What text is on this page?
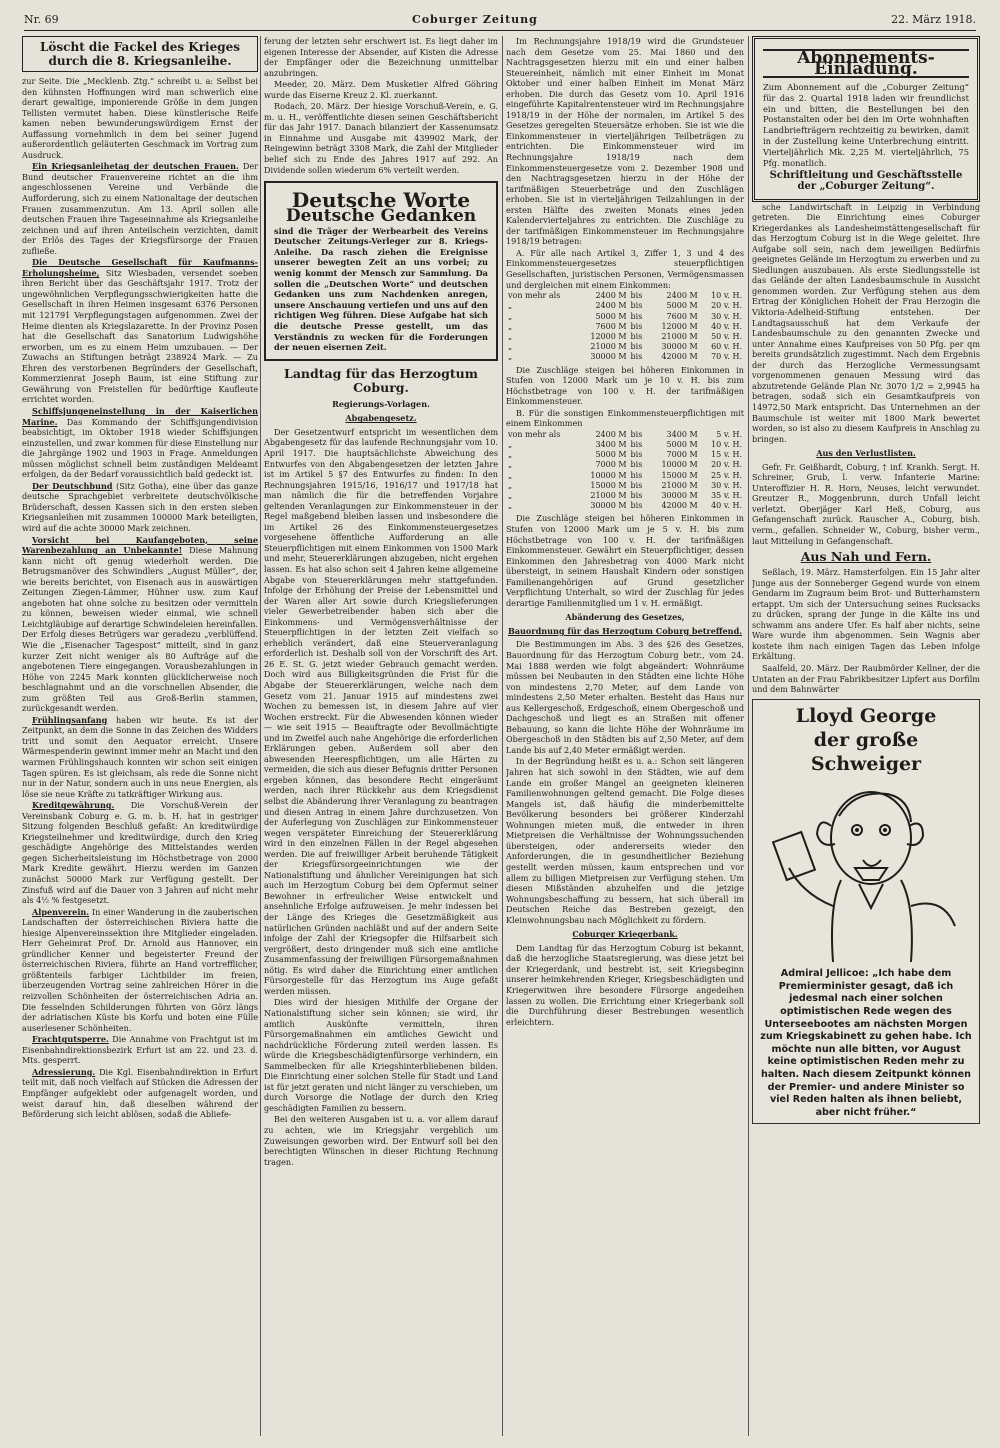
Nr. 69	Coburger Zeitung	22. März 1918.
Löscht die Fackel des Krieges durch die 8. Kriegsanleihe.

zur Seite. Die „Mecklenb. Ztg.“ schreibt u. a: Selbst bei den kühnsten Hoffnungen wird man schwerlich eine derart gewaltige, imponierende Größe in dem jungen Tellisten vermutet haben. Diese künstlerische Reife kamen neben bewunderungswürdigem Ernst der Auffassung vornehmlich in dem bei seiner Jugend außerordentlich geläuterten Geschmack im Vortrag zum Ausdruck.

Ein Kriegsanleihetag der deutschen Frauen. Der Bund deutscher Frauenvereine richtet an die ihm angeschlossenen Vereine und Verbände die Aufforderung, sich zu einem Nationaltage der deutschen Frauen zusammenzutun. Am 13. April sollen alle deutschen Frauen ihre Tageseinnahme als Kriegsanleihe zeichnen und auf ihren Anteilschein verzichten, damit der Erlös des Tages der Kriegsfürsorge der Frauen zufließe.

Die Deutsche Gesellschaft für Kaufmanns-Erholungsheime, Sitz Wiesbaden, versendet soeben ihren Bericht über das Geschäftsjahr 1917. Trotz der ungewöhnlichen Verpflegungsschwierigkeiten hatte die Gesellschaft in ihren Heimen insgesamt 6376 Personen mit 121791 Verpflegungstagen aufgenommen. Zwei der Heime dienten als Kriegslazarette. In der Provinz Posen hat die Gesellschaft das Sanatorium Ludwigshöhe erworben, um es zu einem Heim umzubauen. — Der Zuwachs an Stiftungen beträgt 238924 Mark. — Zu Ehren des verstorbenen Begründers der Gesellschaft, Kommerzienrat Joseph Baum, ist eine Stiftung zur Gewährung von Freistellen für bedürftige Kaufleute errichtet worden.

Schiffsjungeneinstellung in der Kaiserlichen Marine. Das Kommando der Schiffsjungendivision beabsichtigt, im Oktober 1918 wieder Schiffsjungen einzustellen, und zwar kommen für diese Einstellung nur die Jahrgänge 1902 und 1903 in Frage. Anmeldungen müssen möglichst schnell beim zuständigen Meldeamt erfolgen, da der Bedarf voraussichtlich bald gedeckt ist.

Der Deutschbund (Sitz Gotha), eine über das ganze deutsche Sprachgebiet verbreitete deutschvölkische Brüderschaft, dessen Kassen sich in den ersten sieben Kriegsanleihen mit zusammen 100000 Mark beteiligten, wird auf die achte 30000 Mark zeichnen.

Vorsicht bei Kaufangeboten, seine Warenbezahlung an Unbekannte! Diese Mahnung kann nicht oft genug wiederholt werden. Die Betrugsmanöver des Schwindlers „August Müller“, der, wie bereits berichtet, von Eisenach aus in auswärtigen Zeitungen Ziegen-Lämmer, Hühner usw. zum Kauf angeboten hat ohne solche zu besitzen oder vermitteln zu können, beweisen wieder einmal, wie schnell Leichtgläubige auf derartige Schwindeleien hereinfallen. Der Erfolg dieses Betrügers war geradezu „verblüffend. Wie die „Eisenacher Tagespost“ mitteilt, sind in ganz kurzer Zeit nicht weniger als 80 Aufträge auf die angebotenen Tiere eingegangen. Vorausbezahlungen in Höhe von 2245 Mark konnten glücklicherweise noch beschlagnahmt und an die vorschnellen Absender, die zum größten Teil aus Groß-Berlin stammen, zurückgesandt werden.

Frühlingsanfang haben wir heute. Es ist der Zeitpunkt, an dem die Sonne in das Zeichen des Widders tritt und somit den Aequator erreicht. Unsere Wärmespenderin gewinnt immer mehr an Macht und den warmen Frühlingshauch konnten wir schon seit einigen Tagen spüren. Es ist gleichsam, als rede die Sonne nicht nur in der Natur, sondern auch in uns neue Energien, als löse sie neue Kräfte zu tatkräftiger Wirkung aus.

Kreditgewährung. Die Vorschuß-Verein der Vereinsbank Coburg e. G. m. b. H. hat in gestriger Sitzung folgenden Beschluß gefaßt: An kreditwürdige Kriegsteilnehmer und kreditwürdige, durch den Krieg geschädigte Angehörige des Mittelstandes werden gegen Sicherheitsleistung im Höchstbetrage von 2000 Mark Kredite gewährt. Hierzu werden im Ganzen zunächst 50000 Mark zur Verfügung gestellt. Der Zinsfuß wird auf die Dauer von 3 Jahren auf nicht mehr als 4½ % festgesetzt.

Alpenverein. In einer Wanderung in die zauberischen Landschaften der österreichischen Riviera hatte die hiesige Alpenvereinssektion ihre Mitglieder eingeladen. Herr Geheimrat Prof. Dr. Arnold aus Hannover, ein gründlicher Kenner und begeisterter Freund der österreichischen Riviera, führte an Hand vortrefflicher, größtenteils farbiger Lichtbilder im freien, überzeugenden Vortrag seine zahlreichen Hörer in die reizvollen Schönheiten der österreichischen Adria an. Die fesselnden Schilderungen führten von Görz längs der adriatischen Küste bis Korfu und boten eine Fülle auserlesener Schönheiten.

Frachtgutsperre. Die Annahme von Frachtgut ist im Eisenbahndirektionsbezirk Erfurt ist am 22. und 23. d. Mts. gesperrt.

Adressierung. Die Kgl. Eisenbahndirektion in Erfurt teilt mit, daß noch vielfach auf Stücken die Adressen der Empfänger aufgeklebt oder aufgenagelt worden, und weist darauf hin, daß dieselben während der Beförderung sich leicht ablösen, sodaß die Abliefe-

ferung der letzten sehr erschwert ist. Es liegt daher im eigenen Interesse der Absender, auf Kisten die Adresse der Empfänger oder die Bezeichnung unmittelbar anzubringen.

Meeder, 20. März. Dem Musketier Alfred Göhring wurde das Eiserne Kreuz 2. Kl. zuerkannt.

Rodach, 20. März. Der hiesige Vorschuß-Verein, e. G. m. u. H., veröffentlichte diesen seinen Geschäftsbericht für das Jahr 1917. Danach bilanziert der Kassenumsatz in Einnahme und Ausgabe mit 439902 Mark, der Reingewinn beträgt 3308 Mark, die Zahl der Mitglieder belief sich zu Ende des Jahres 1917 auf 292. An Dividende sollen wiederum 6% verteilt werden.

Deutsche Worte
Deutsche Gedanken
sind die Träger der Werbearbeit des Vereins Deutscher Zeitungs-Verleger zur 8. Kriegs-Anleihe. Da rasch ziehen die Ereignisse unserer bewegten Zeit an uns vorbei; zu wenig kommt der Mensch zur Sammlung. Da sollen die „Deutschen Worte“ und deutschen Gedanken uns zum Nachdenken anregen, unsere Anschauung vertiefen und uns auf den richtigen Weg führen. Diese Aufgabe hat sich die deutsche Presse gestellt, um das Verständnis zu wecken für die Forderungen der neuen eisernen Zeit.
Landtag für das Herzogtum Coburg.
Regierungs-Vorlagen.
Abgabengesetz.

Der Gesetzentwurf entspricht im wesentlichen dem Abgabengesetz für das laufende Rechnungsjahr vom 10. April 1917. Die hauptsächlichste Abweichung des Entwurfes von den Abgabengesetzen der letzten Jahre ist im Artikel 5 §7 des Entwurfes zu finden: In den Rechnungsjahren 1915/16, 1916/17 und 1917/18 hat man nämlich die für die betreffenden Vorjahre geltenden Veranlagungen zur Einkommensteuer in der Regel maßgebend bleiben lassen und insbesondere die im Artikel 26 des Einkommensteuergesetzes vorgesehene öffentliche Aufforderung an alle Steuerpflichtigen mit einem Einkommen von 1500 Mark und mehr, Steuererklärungen abzugeben, nicht ergehen lassen. Es hat also schon seit 4 Jahren keine allgemeine Abgabe von Steuererklärungen mehr stattgefunden. Infolge der Erhöhung der Preise der Lebensmittel und der Waren aller Art sowie durch Kriegslieferungen vieler Gewerbetreibender haben sich aber die Einkommens- und Vermögensverhältnisse der Steuerpflichtigen in der letzten Zeit vielfach so erheblich verändert, daß eine Steuerveranlagung erforderlich ist. Deshalb soll von der Vorschrift des Art. 26 E. St. G. jetzt wieder Gebrauch gemacht werden. Doch wird aus Billigkeitsgründen die Frist für die Abgabe der Steuererklärungen, welche nach dem Gesetz vom 21. Januar 1915 auf mindestens zwei Wochen zu bemessen ist, in diesem Jahre auf vier Wochen erstreckt. Für die Abwesenden können wieder — wie seit 1915 — Beauftragte oder Bevollmächtigte und im Zweifel auch nahe Angehörige die erforderlichen Erklärungen geben. Außerdem soll aber den abwesenden Heerespflichtigen, um alle Härten zu vermeiden, die sich aus dieser Befugnis dritter Personen ergeben können, das besondere Recht eingeräumt werden, nach ihrer Rückkehr aus dem Kriegsdienst selbst die Abänderung ihrer Veranlagung zu beantragen und diesen Antrag in einem Jahre durchzusetzen. Von der Auferlegung von Zuschlägen zur Einkommensteuer wegen verspäteter Einreichung der Steuererklärung wird in den einzelnen Fällen in der Regel abgesehen werden. Die auf freiwilliger Arbeit beruhende Tätigkeit der Kriegsfürsorgeeinrichtungen wie der Nationalstiftung und ähnlicher Vereinigungen hat sich auch im Herzogtum Coburg bei dem Opfermut seiner Bewohner in erfreulicher Weise entwickelt und ansehnliche Erfolge aufzuweisen. Je mehr indessen bei der Länge des Krieges die Gesetzmäßigkeit aus natürlichen Gründen nachläßt und auf der andern Seite infolge der Zahl der Kriegsopfer die Hilfsarbeit sich vergrößert, desto dringender muß sich eine amtliche Zusammenfassung der freiwilligen Fürsorgemaßnahmen nötig. Es wird daher die Einrichtung einer amtlichen Fürsorgestelle für das Herzogtum ins Auge gefaßt werden müssen.

Dies wird der hiesigen Mithilfe der Organe der Nationalstiftung sicher sein können; sie wird, ihr amtlich Auskünfte vermitteln, ihren Fürsorgemaßnahmen ein amtliches Gewicht und nachdrückliche Förderung zuteil werden lassen. Es würde die Kriegsbeschädigtenfürsorge verhindern, ein Sammelbecken für alle Kriegshinterbliebenen bilden. Die Einrichtung einer solchen Stelle für Stadt und Land ist für jetzt geraten und nicht länger zu verschieben, um durch Vorsorge die Notlage der durch den Krieg geschädigten Familien zu bessern.

Bei den weiteren Ausgaben ist u. a. vor allem darauf zu achten, wie im Kriegsjahr vergeblich um Zuweisungen geworben wird. Der Entwurf soll bei den berechtigten Wünschen in dieser Richtung Rechnung tragen.

Im Rechnungsjahre 1918/19 wird die Grundsteuer nach dem Gesetze vom 25. Mai 1860 und den Nachtragsgesetzen hierzu mit ein und einer halben Steuereinheit, nämlich mit einer Einheit im Monat Oktober und einer halben Einheit im Monat März erhoben. Die durch das Gesetz vom 10. April 1916 eingeführte Kapitalrentensteuer wird im Rechnungsjahre 1918/19 in der Höhe der normalen, im Artikel 5 des Gesetzes geregelten Steuersätze erhoben. Sie ist wie die Einkommensteuer in vierteljährigen Teilbeträgen zu entrichten. Die Einkommensteuer wird im Rechnungsjahre 1918/19 nach dem Einkommensteuergesetze vom 2. Dezember 1908 und den Nachtragsgesetzen hierzu in der Höhe der tarifmäßigen Steuerbeträge und den Zuschlägen erhoben. Sie ist in vierteljährigen Teilzahlungen in der ersten Hälfte des zweiten Monats eines jeden Kalendervierteljahres zu entrichten. Die Zuschläge zu der tarifmäßigen Einkommensteuer im Rechnungsjahre 1918/19 betragen:

A. Für alle nach Artikel 3, Ziffer 1, 3 und 4 des Einkommensteuergesetzes steuerpflichtigen Gesellschaften, juristischen Personen, Vermögensmassen und dergleichen mit einem Einkommen:

von mehr als	2400 M	bis	2400 M	10 v. H.
„	2400 M	bis	5000 M	20 v. H.
„	5000 M	bis	7600 M	30 v. H.
„	7600 M	bis	12000 M	40 v. H.
„	12000 M	bis	21000 M	50 v. H.
„	21000 M	bis	30000 M	60 v. H.
„	30000 M	bis	42000 M	70 v. H.

Die Zuschläge steigen bei höheren Einkommen in Stufen von 12000 Mark um je 10 v. H. bis zum Höchstbetrage von 100 v. H. der tarifmäßigen Einkommensteuer.

B. Für die sonstigen Einkommensteuerpflichtigen mit einem Einkommen

von mehr als	2400 M	bis	3400 M	5 v. H.
„	3400 M	bis	5000 M	10 v. H.
„	5000 M	bis	7000 M	15 v. H.
„	7000 M	bis	10000 M	20 v. H.
„	10000 M	bis	15000 M	25 v. H.
„	15000 M	bis	21000 M	30 v. H.
„	21000 M	bis	30000 M	35 v. H.
„	30000 M	bis	42000 M	40 v. H.

Die Zuschläge steigen bei höheren Einkommen in Stufen von 12000 Mark um je 5 v. H. bis zum Höchstbetrage von 100 v. H. der tarifmäßigen Einkommensteuer. Gewährt ein Steuerpflichtiger, dessen Einkommen den Jahresbetrag von 4000 Mark nicht übersteigt, in seinem Haushalt Kindern oder sonstigen Familienangehörigen auf Grund gesetzlicher Verpflichtung Unterhalt, so wird der Zuschlag für jedes derartige Familienmitglied um 1 v. H. ermäßigt.

Abänderung des Gesetzes,
Bauordnung für das Herzogtum Coburg betreffend.

Die Bestimmungen im Abs. 3 des §26 des Gesetzes, Bauordnung für das Herzogtum Coburg betr., vom 24. Mai 1888 werden wie folgt abgeändert: Wohnräume müssen bei Neubauten in den Städten eine lichte Höhe von mindestens 2,70 Meter, auf dem Lande von mindestens 2,50 Meter erhalten. Besteht das Haus nur aus Kellergeschoß, Erdgeschoß, einem Obergeschoß und Dachgeschoß und liegt es an Straßen mit offener Bebauung, so kann die lichte Höhe der Wohnräume im Obergeschoß in den Städten bis auf 2,50 Meter, auf dem Lande bis auf 2,40 Meter ermäßigt werden.

In der Begründung heißt es u. a.: Schon seit längeren Jahren hat sich sowohl in den Städten, wie auf dem Lande ein großer Mangel an geeigneten kleineren Familienwohnungen geltend gemacht. Die Folge dieses Mangels ist, daß häufig die minderbemittelte Bevölkerung besonders bei größerer Kinderzahl Wohnungen mieten muß, die entweder in ihren Mietpreisen die Verhältnisse der Wohnungssuchenden übersteigen, oder andererseits wieder den Anforderungen, die in gesundheitlicher Beziehung gestellt werden müssen, kaum entsprechen und vor allem zu billigen Mietpreisen zur Verfügung stehen. Um diesen Mißständen abzuhelfen und die jetzige Wohnungsbeschaffung zu bessern, hat sich überall im Deutschen Reiche das Bestreben gezeigt, den Kleinwohnungsbau nach Möglichkeit zu fördern.

Coburger Kriegerbank.

Dem Landtag für das Herzogtum Coburg ist bekannt, daß die herzogliche Staatsregierung, was diese jetzt bei der Kriegerdank, und bestrebt ist, seit Kriegsbeginn unserer heimkehrenden Krieger, Kriegsbeschädigten und Kriegerwitwen ihre besondere Fürsorge angedeihen lassen zu wollen. Die Errichtung einer Kriegerbank soll die Durchführung dieser Bestrebungen wesentlich erleichtern.

Abonnements-Einladung.
Zum Abonnement auf die „Coburger Zeitung“ für das 2. Quartal 1918 laden wir freundlichst ein und bitten, die Bestellungen bei den Postanstalten oder bei den im Orte wohnhaften Landbriefträgern rechtzeitig zu bewirken, damit in der Zustellung keine Unterbrechung eintritt. Vierteljährlich Mk. 2,25 M. vierteljährlich, 75 Pfg. monatlich.
Schriftleitung und Geschäftsstelle der „Coburger Zeitung“.

sche Landwirtschaft in Leipzig in Verbindung getreten. Die Einrichtung eines Coburger Kriegerdankes als Landesheimstättengesellschaft für das Herzogtum Coburg ist in die Wege geleitet. Ihre Aufgabe soll sein, nach dem jeweiligen Bedürfnis geeignetes Gelände im Herzogtum zu erwerben und zu Siedlungen auszubauen. Als erste Siedlungsstelle ist das Gelände der alten Landesbaumschule in Aussicht genommen worden. Zur Verfügung stehen aus dem Ertrag der Königlichen Hoheit der Frau Herzogin die Viktoria-Adelheid-Stiftung entstehen. Der Landtagsausschuß hat dem Verkaufe der Landesbaumschule zu den genannten Zwecke und unter Annahme eines Kaufpreises von 50 Pfg. per qm bereits grundsätzlich zugestimmt. Nach dem Ergebnis der durch das Herzogliche Vermessungsamt vorgenommenen genauen Messung wird das abzutretende Gelände Plan Nr. 3070 1/2 = 2,9945 ha betragen, sodaß sich ein Gesamtkaufpreis von 14972,50 Mark entspricht. Das Unternehmen an der Baumschule ist weiter mit 1800 Mark bewertet worden, so ist also zu diesem Kaufpreis in Anschlag zu bringen.

Aus den Verlustlisten.

Gefr. Fr. Geißhardt, Coburg, † inf. Krankh. Sergt. H. Schreiner, Grub, l. verw. Infanterie Marine: Unteroffizier H. R. Horn, Neuses, leicht verwundet. Greutzer R., Moggenbrunn, durch Unfall leicht verletzt. Oberjäger Karl Heß, Coburg, aus Gefangenschaft zurück. Rauscher A., Coburg, bish. verm., gefallen. Schneider W., Coburg, bisher verm., laut Mitteilung in Gefangenschaft.

Aus Nah und Fern.

Seßlach, 19. März. Hamsterfolgen. Ein 15 Jahr alter Junge aus der Sonneberger Gegend wurde von einem Gendarm im Zugraum beim Brot- und Butterhamstern ertappt. Um sich der Untersuchung seines Rucksacks zu drücken, sprang der Junge in die Kälte ins und schwamm ans andere Ufer. Es half aber nichts, seine Ware wurde ihm abgenommen. Sein Wagnis aber kostete ihm nach einigen Tagen das Leben infolge Erkältung.

Saalfeld, 20. März. Der Raubmörder Kellner, der die Untaten an der Frau Fabrikbesitzer Lipfert aus Dorfilm und dem Bahnwärter

Lloyd George
der große Schweiger
Admiral Jellicoe: „Ich habe dem Premierminister gesagt, daß ich jedesmal nach einer solchen optimistischen Rede wegen des Unterseebootes am nächsten Morgen zum Kriegskabinett zu gehen habe. Ich möchte nun alle bitten, vor August keine optimistischen Reden mehr zu halten. Nach diesem Zeitpunkt können der Premier- und andere Minister so viel Reden halten als ihnen beliebt, aber nicht früher.“
